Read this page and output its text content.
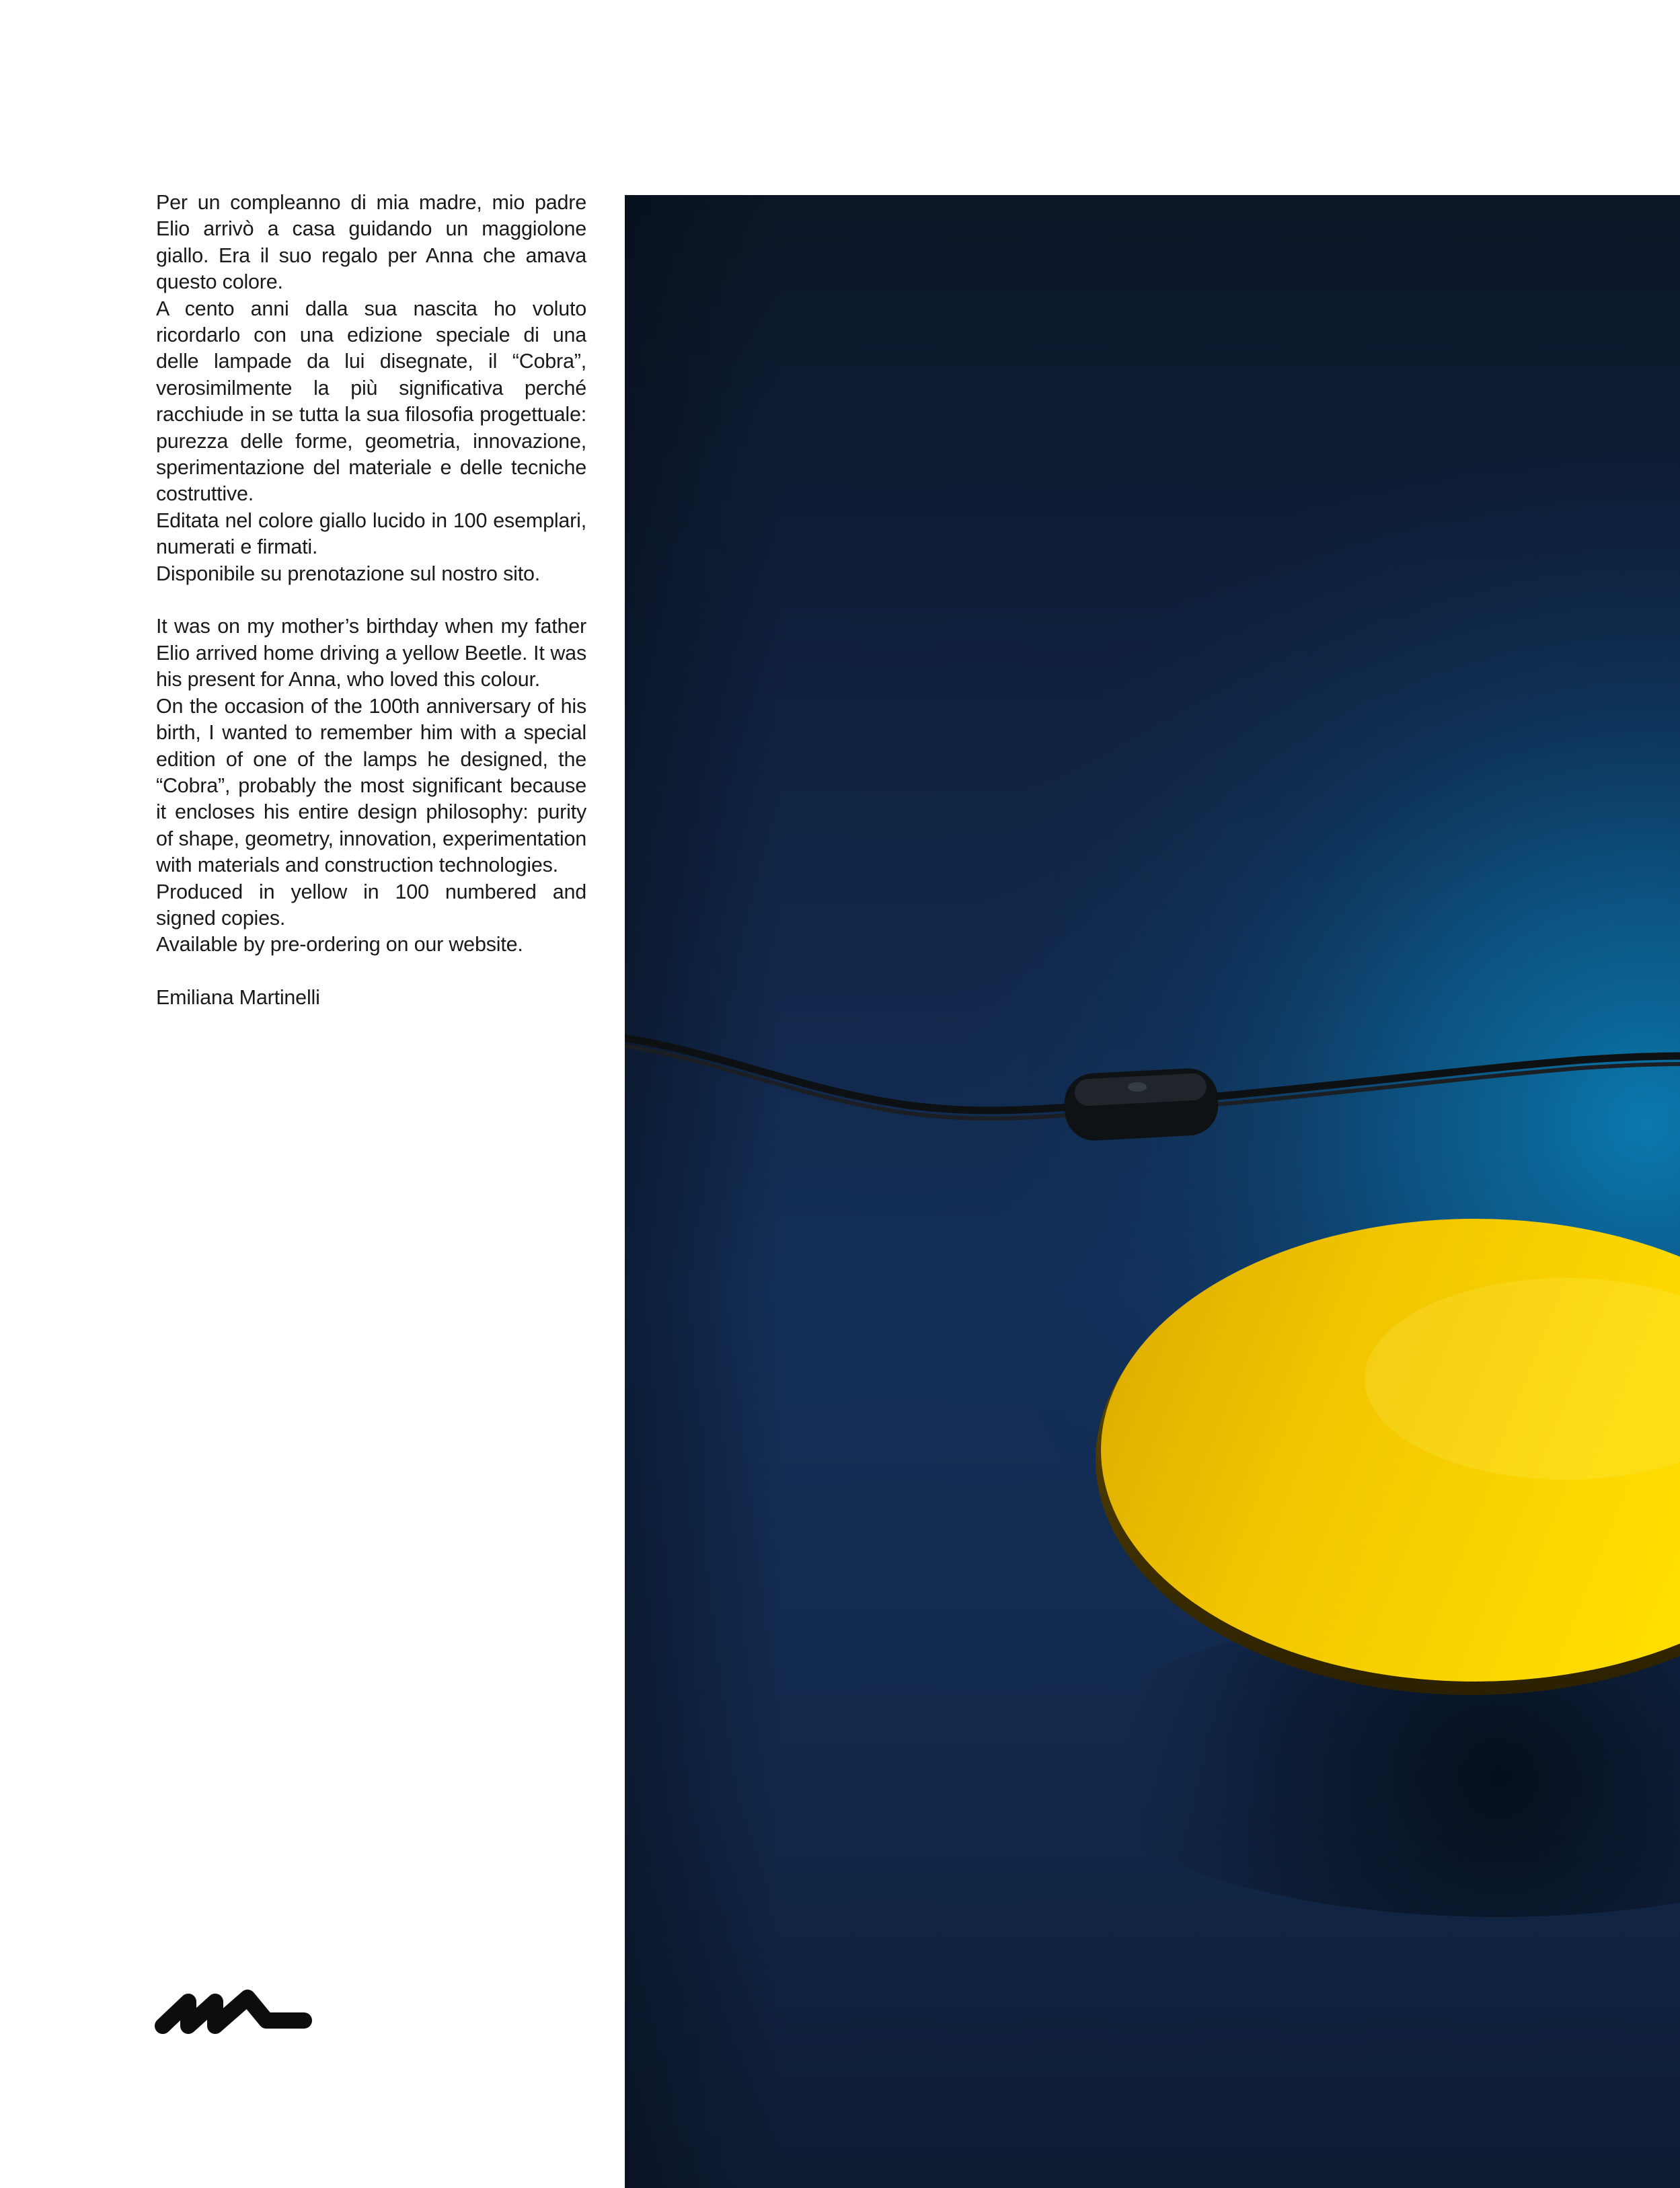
Per un compleanno di mia madre, mio padre Elio arrivò a casa guidando un maggiolone giallo. Era il suo regalo per Anna che amava questo colore.

A cento anni dalla sua nascita ho voluto ricordarlo con una edizione speciale di una delle lampade da lui disegnate, il “Cobra”, verosimilmente la più significativa perché racchiude in se tutta la sua filosofia progettuale: purezza delle forme, geometria, innovazione, sperimentazione del materiale e delle tecniche costruttive.

Editata nel colore giallo lucido in 100 esemplari, numerati e firmati.

Disponibile su prenotazione sul nostro sito.

It was on my mother’s birthday when my father Elio arrived home driving a yellow Beetle. It was his present for Anna, who loved this colour.

On the occasion of the 100th anniversary of his birth, I wanted to remember him with a special edition of one of the lamps he designed, the “Cobra”, probably the most significant because it encloses his entire design philosophy: purity of shape, geometry, innovation, experimentation with materials and construction technologies.

Produced in yellow in 100 numbered and signed copies.

Available by pre-ordering on our website.

Emiliana Martinelli
